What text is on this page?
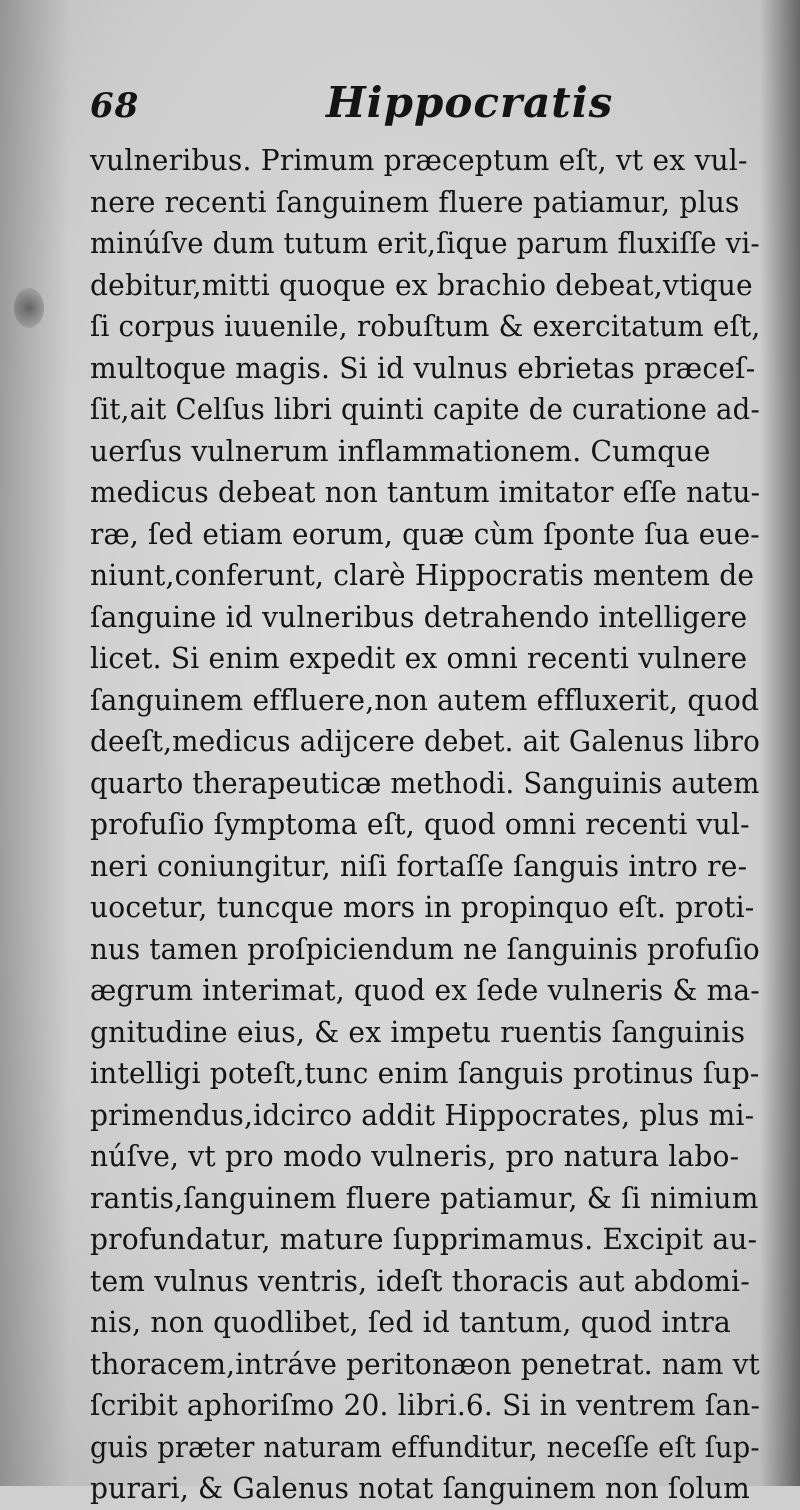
68	Hippocratis
vulneribus. Primum præceptum eſt, vt ex vul- nere recenti ſanguinem fluere patiamur, plus minúſve dum tutum erit,ſique parum fluxiſſe vi- debitur,mitti quoque ex brachio debeat,vtique ſi corpus iuuenile, robuſtum & exercitatum eſt, multoque magis. Si id vulnus ebrietas præceſ- ſit,ait Celſus libri quinti capite de curatione ad- uerſus vulnerum inflammationem. Cumque medicus debeat non tantum imitator eſſe natu- ræ, ſed etiam eorum, quæ cùm ſponte ſua eue- niunt,conferunt, clarè Hippocratis mentem de ſanguine id vulneribus detrahendo intelligere licet. Si enim expedit ex omni recenti vulnere ſanguinem effluere,non autem effluxerit, quod deeſt,medicus adijcere debet. ait Galenus libro quarto therapeuticæ methodi. Sanguinis autem profuſio ſymptoma eſt, quod omni recenti vul- neri coniungitur, niſi fortaſſe ſanguis intro re- uocetur, tuncque mors in propinquo eſt. proti- nus tamen proſpiciendum ne ſanguinis profuſio ægrum interimat, quod ex ſede vulneris & ma- gnitudine eius, & ex impetu ruentis ſanguinis intelligi poteſt,tunc enim ſanguis protinus ſup- primendus,idcirco addit Hippocrates, plus mi- núſve, vt pro modo vulneris, pro natura labo- rantis,ſanguinem fluere patiamur, & ſi nimium profundatur, mature ſupprimamus. Excipit au- tem vulnus ventris, ideſt thoracis aut abdomi- nis, non quodlibet, ſed id tantum, quod intra thoracem,intráve peritonæon penetrat. nam vt ſcribit aphoriſmo 20. libri.6. Si in ventrem ſan- guis præter naturam effunditur, neceſſe eſt ſup- purari, & Galenus notat ſanguinem non ſolum
